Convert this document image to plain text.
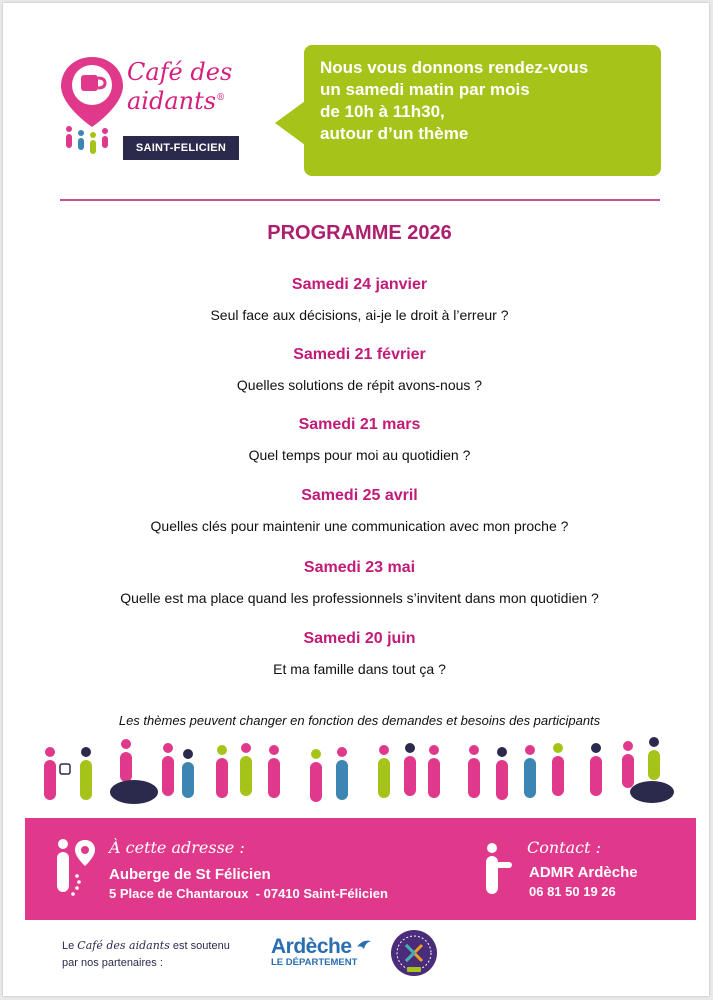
Café des
aidants®
SAINT-FELICIEN
Nous vous donnons rendez-vous
un samedi matin par mois
de 10h à 11h30,
autour d’un thème
PROGRAMME 2026
Samedi 24 janvier
Seul face aux décisions, ai-je le droit à l’erreur ?
Samedi 21 février
Quelles solutions de répit avons-nous ?
Samedi 21 mars
Quel temps pour moi au quotidien ?
Samedi 25 avril
Quelles clés pour maintenir une communication avec mon proche ?
Samedi 23 mai
Quelle est ma place quand les professionnels s’invitent dans mon quotidien ?
Samedi 20 juin
Et ma famille dans tout ça ?
Les thèmes peuvent changer en fonction des demandes et besoins des participants
À cette adresse :
Auberge de St Félicien
5 Place de Chantaroux  - 07410 Saint-Félicien
Contact :
ADMR Ardèche
06 81 50 19 26
Le Café des aidants est soutenu
par nos partenaires :
Ardèche
LE DÉPARTEMENT
